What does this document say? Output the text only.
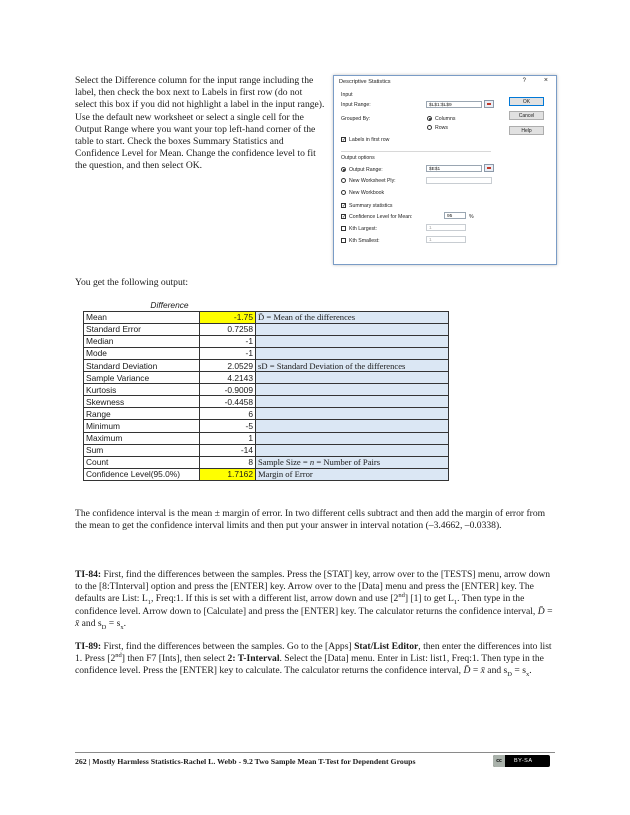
Select the Difference column for the input range including the label, then check the box next to Labels in first row (do not select this box if you did not highlight a label in the input range). Use the default new worksheet or select a single cell for the Output Range where you want your top left-hand corner of the table to start. Check the boxes Summary Statistics and Confidence Level for Mean. Change the confidence level to fit the question, and then select OK.
Descriptive Statistics	?	×
Input
Input Range:	$L$1:$L$9
Grouped By:	Columns
Rows
✓ Labels in first row
OK
Cancel
Help
Output options
Output Range:	$E$1
New Worksheet Ply:
New Workbook
✓ Summary statistics
✓ Confidence Level for Mean:	95	%
Kth Largest:	1
Kth Smallest:	1
You get the following output:
Difference		
Mean	-1.75	D̄ = Mean of the differences
Standard Error	0.7258	
Median	-1	
Mode	-1	
Standard Deviation	2.0529	sD = Standard Deviation of the differences
Sample Variance	4.2143	
Kurtosis	-0.9009	
Skewness	-0.4458	
Range	6	
Minimum	-5	
Maximum	1	
Sum	-14	
Count	8	Sample Size = n = Number of Pairs
Confidence Level(95.0%)	1.7162	Margin of Error
The confidence interval is the mean ± margin of error. In two different cells subtract and then add the margin of error from the mean to get the confidence interval limits and then put your answer in interval notation (–3.4662, –0.0338).
TI-84: First, find the differences between the samples. Press the [STAT] key, arrow over to the [TESTS] menu, arrow down to the [8:TInterval] option and press the [ENTER] key. Arrow over to the [Data] menu and press the [ENTER] key. The defaults are List: $L_1$, Freq:1. If this is set with a different list, arrow down and use [2nd] [1] to get $L_1$. Then type in the confidence level. Arrow down to [Calculate] and press the [ENTER] key. The calculator returns the confidence interval, D̄ = x̄ and $s_D = s_x$.
TI-89: First, find the differences between the samples. Go to the [Apps] Stat/List Editor, then enter the differences into list 1. Press [2nd] then F7 [Ints], then select 2: T-Interval. Select the [Data] menu. Enter in List: list1, Freq:1. Then type in the confidence level. Press the [ENTER] key to calculate. The calculator returns the confidence interval, D̄ = x̄ and $s_D = s_x$.
262 | Mostly Harmless Statistics-Rachel L. Webb - 9.2 Two Sample Mean T-Test for Dependent Groups	cc BY-SA
